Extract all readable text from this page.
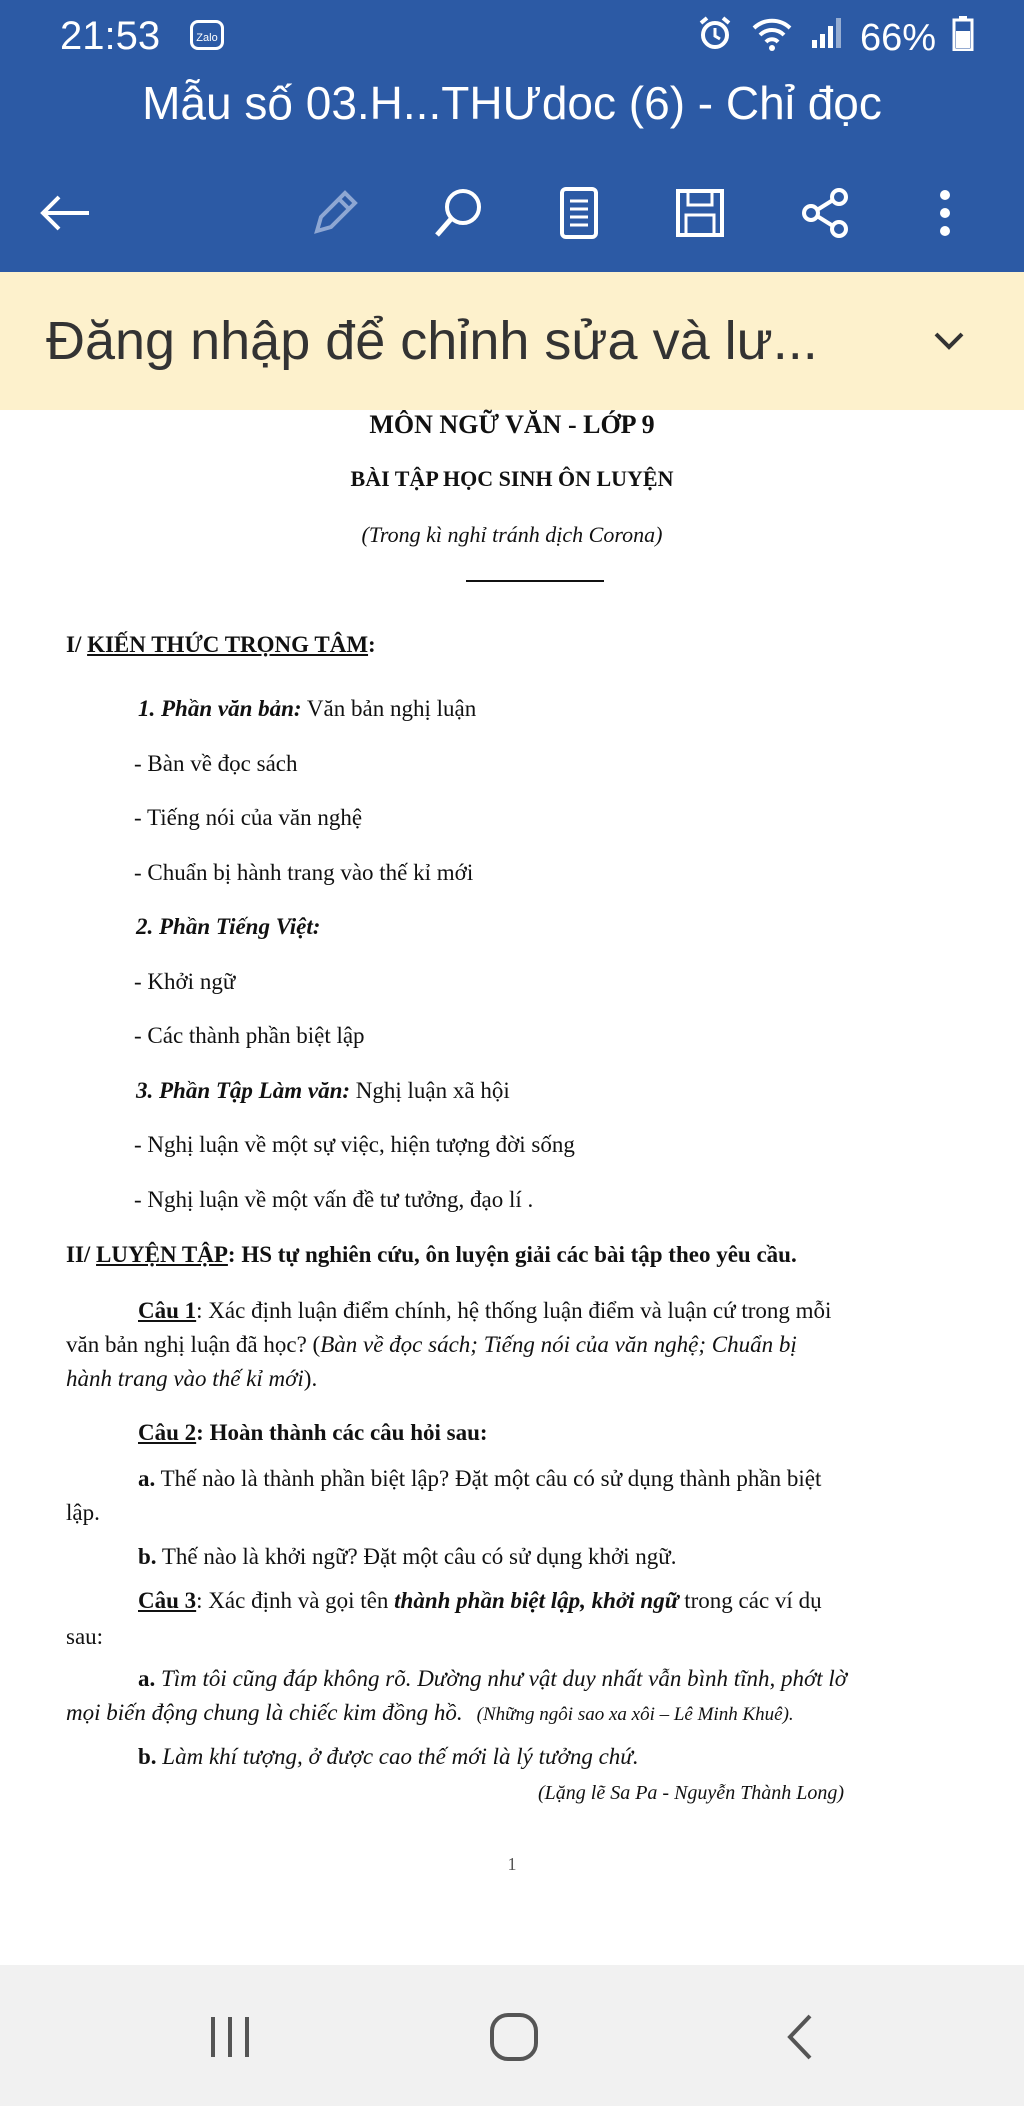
21:53	Zalo	66%
Mẫu số 03.H...THƯdoc (6) - Chỉ đọc
Đăng nhập để chỉnh sửa và lư...
MÔN NGỮ VĂN - LỚP 9
BÀI TẬP HỌC SINH ÔN LUYỆN
(Trong kì nghỉ tránh dịch Corona)
I/ KIẾN THỨC TRỌNG TÂM:
1. Phần văn bản: Văn bản nghị luận
- Bàn về đọc sách
- Tiếng nói của văn nghệ
- Chuẩn bị hành trang vào thế kỉ mới
2. Phần Tiếng Việt:
- Khởi ngữ
- Các thành phần biệt lập
3. Phần Tập Làm văn: Nghị luận xã hội
- Nghị luận về một sự việc, hiện tượng đời sống
- Nghị luận về một vấn đề tư tưởng, đạo lí .
II/ LUYỆN TẬP: HS tự nghiên cứu, ôn luyện giải các bài tập theo yêu cầu.
Câu 1: Xác định luận điểm chính, hệ thống luận điểm và luận cứ trong mỗi
văn bản nghị luận đã học? (Bàn về đọc sách; Tiếng nói của văn nghệ; Chuẩn bị
hành trang vào thế kỉ mới).
Câu 2: Hoàn thành các câu hỏi sau:
a. Thế nào là thành phần biệt lập? Đặt một câu có sử dụng thành phần biệt
lập.
b. Thế nào là khởi ngữ? Đặt một câu có sử dụng khởi ngữ.
Câu 3: Xác định và gọi tên thành phần biệt lập, khởi ngữ trong các ví dụ
sau:
a. Tìm tôi cũng đáp không rõ. Dường như vật duy nhất vẫn bình tĩnh, phớt lờ
mọi biến động chung là chiếc kim đồng hồ. (Những ngôi sao xa xôi – Lê Minh Khuê).
b. Làm khí tượng, ở được cao thế mới là lý tưởng chứ.
(Lặng lẽ Sa Pa - Nguyễn Thành Long)
1
